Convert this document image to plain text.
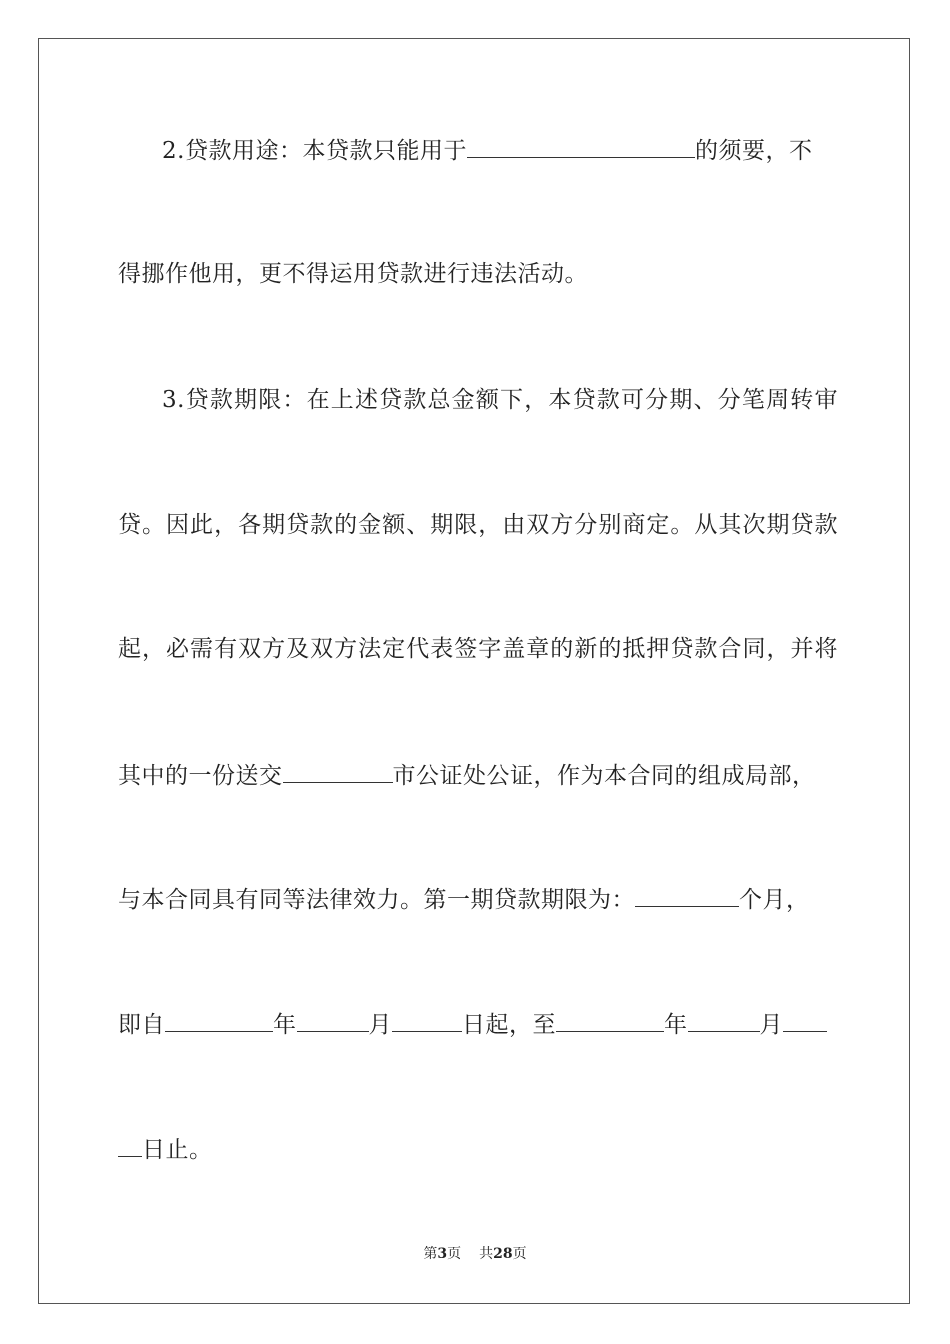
2.贷款用途：本贷款只能用于	的须要，不
得挪作他用，更不得运用贷款进行违法活动。
3.贷款期限：在上述贷款总金额下，本贷款可分期、分笔周转审
贷。因此，各期贷款的金额、期限，由双方分别商定。从其次期贷款
起，必需有双方及双方法定代表签字盖章的新的抵押贷款合同，并将
其中的一份送交	市公证处公证，作为本合同的组成局部，
与本合同具有同等法律效力。第一期贷款期限为：	个月，
即自	年	月	日起，至	年	月
日止。
第3页 共28页
